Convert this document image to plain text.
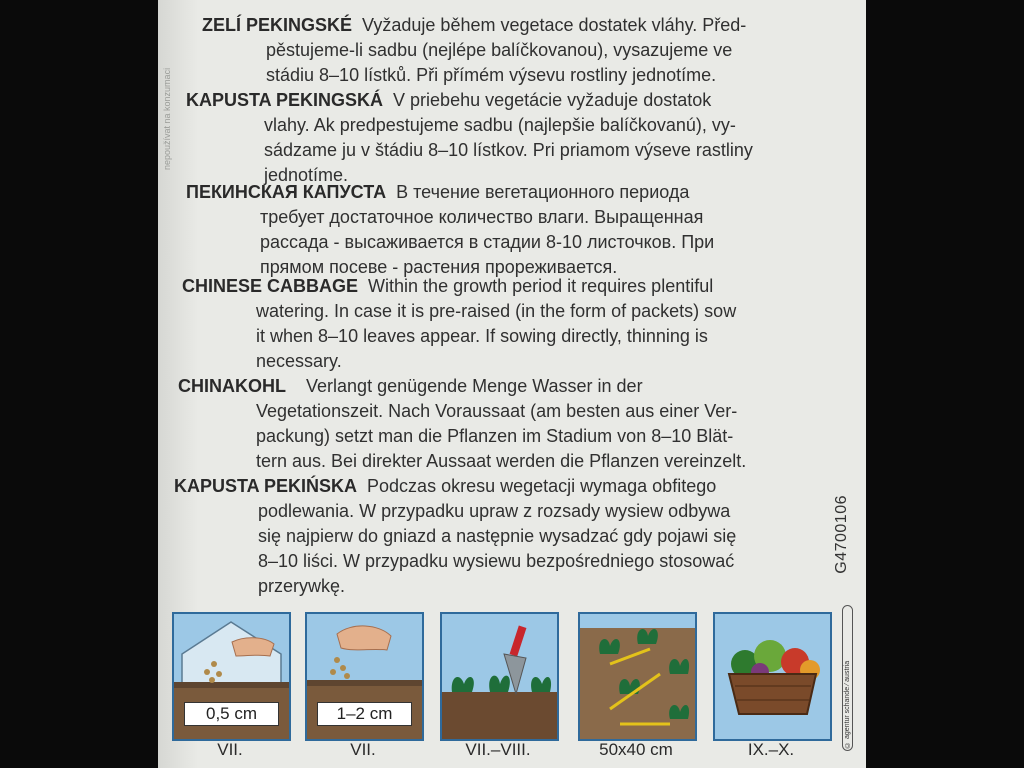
nepoužívat na konzumaci
ZELÍ PEKINGSKÉ Vyžaduje během vegetace dostatek vláhy. Před-
pěstujeme-li sadbu (nejlépe balíčkovanou), vysazujeme ve
stádiu 8–10 lístků. Při přímém výsevu rostliny jednotíme.
KAPUSTA PEKINGSKÁ V priebehu vegetácie vyžaduje dostatok
vlahy. Ak predpestujeme sadbu (najlepšie balíčkovanú), vy-
sádzame ju v štádiu 8–10 lístkov. Pri priamom výseve rastliny
jednotíme.
ПЕКИНСКАЯ КАПУСТА В течение вегетационного периода
требует достаточное количество влаги. Выращенная
рассада - высаживается в стадии 8-10 листочков. При
прямом посеве - растения прореживается.
CHINESE CABBAGE Within the growth period it requires plentiful
watering. In case it is pre-raised (in the form of packets) sow
it when 8–10 leaves appear. If sowing directly, thinning is
necessary.
CHINAKOHL Verlangt genügende Menge Wasser in der
Vegetationszeit. Nach Voraussaat (am besten aus einer Ver-
packung) setzt man die Pflanzen im Stadium von 8–10 Blät-
tern aus. Bei direkter Aussaat werden die Pflanzen vereinzelt.
KAPUSTA PEKIŃSKA Podczas okresu wegetacji wymaga obfitego
podlewania. W przypadku upraw z rozsady wysiew odbywa
się najpierw do gniazd a następnie wysadzać gdy pojawi się
8–10 liści. W przypadku wysiewu bezpośredniego stosować
przerywkę.
G4700106
© agentur schande ⁄ austria
0,5 cm
VII.
1–2 cm
VII.	VII.–VIII.	50x40 cm	IX.–X.
